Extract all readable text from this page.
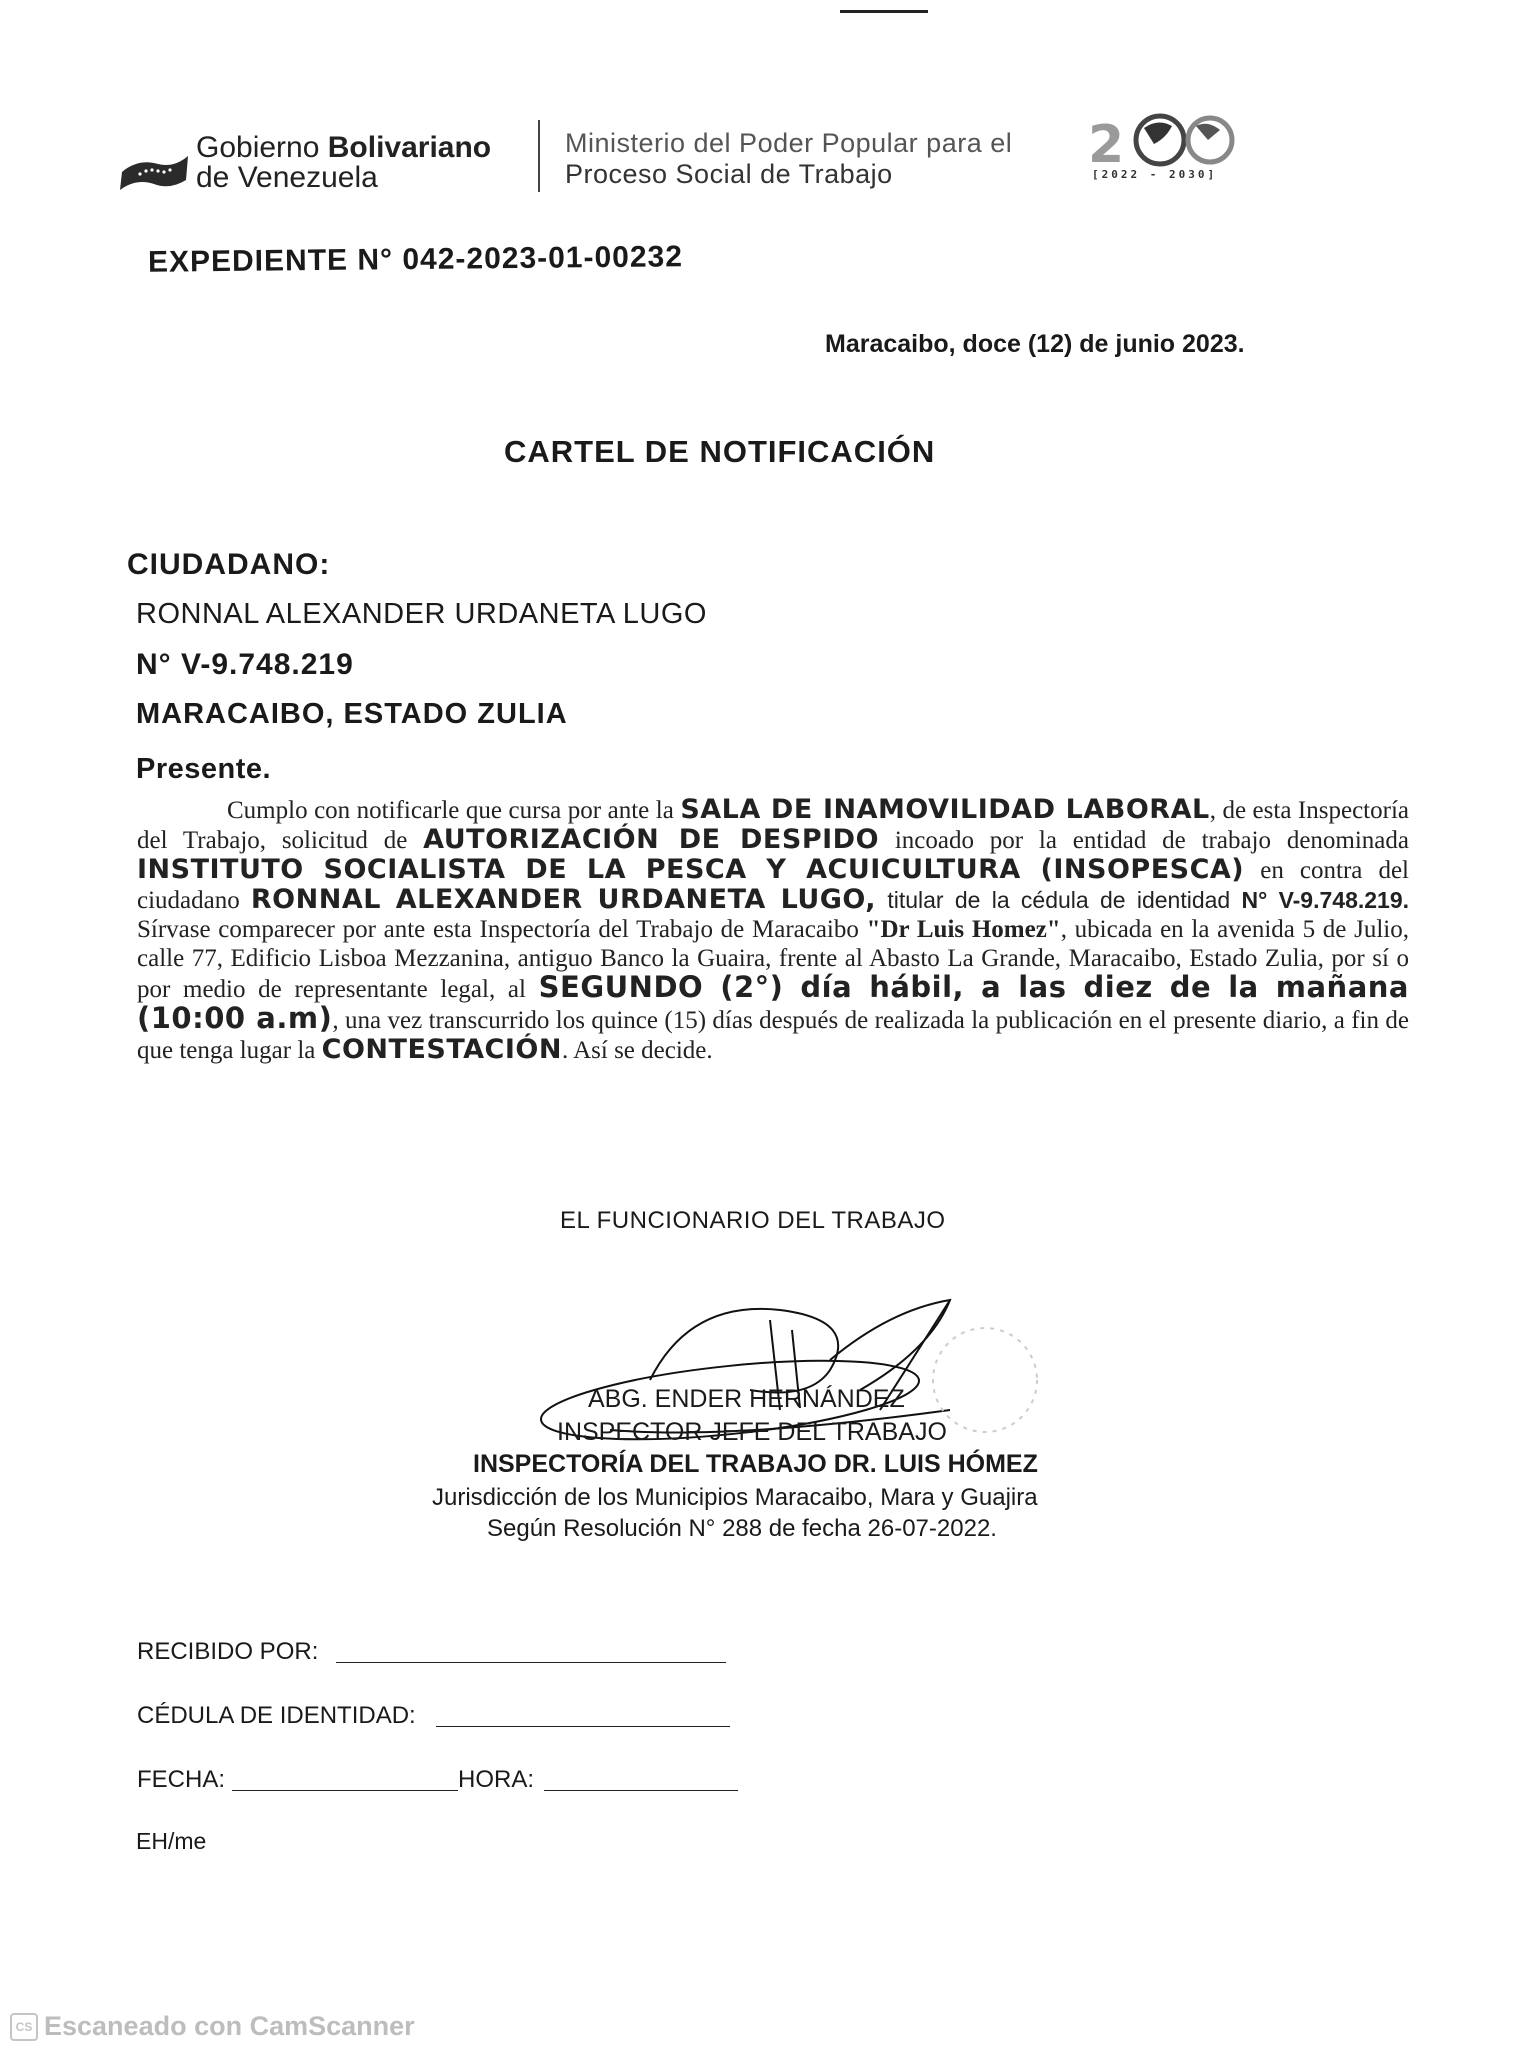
Gobierno Bolivariano
de Venezuela
Ministerio del Poder Popular para el
Proceso Social de Trabajo	2
[2022 - 2030]
EXPEDIENTE N° 042-2023-01-00232
Maracaibo, doce (12) de junio 2023.
CARTEL DE NOTIFICACIÓN
CIUDADANO:
RONNAL ALEXANDER URDANETA LUGO
N° V-9.748.219
MARACAIBO, ESTADO ZULIA
Presente.
Cumplo con notificarle que cursa por ante la SALA DE INAMOVILIDAD LABORAL, de esta Inspectoría del Trabajo, solicitud de AUTORIZACIÓN DE DESPIDO incoado por la entidad de trabajo denominada INSTITUTO SOCIALISTA DE LA PESCA Y ACUICULTURA (INSOPESCA) en contra del ciudadano RONNAL ALEXANDER URDANETA LUGO, titular de la cédula de identidad N° V-9.748.219. Sírvase comparecer por ante esta Inspectoría del Trabajo de Maracaibo "Dr Luis Homez", ubicada en la avenida 5 de Julio, calle 77, Edificio Lisboa Mezzanina, antiguo Banco la Guaira, frente al Abasto La Grande, Maracaibo, Estado Zulia, por sí o por medio de representante legal, al SEGUNDO (2°) día hábil, a las diez de la mañana (10:00 a.m), una vez transcurrido los quince (15) días después de realizada la publicación en el presente diario, a fin de que tenga lugar la CONTESTACIÓN. Así se decide.
EL FUNCIONARIO DEL TRABAJO
ABG. ENDER HERNÁNDEZ
INSPECTOR JEFE DEL TRABAJO
INSPECTORÍA DEL TRABAJO DR. LUIS HÓMEZ
Jurisdicción de los Municipios Maracaibo, Mara y Guajira
Según Resolución N° 288 de fecha 26-07-2022.
RECIBIDO POR:
CÉDULA DE IDENTIDAD:
FECHA:	HORA:
EH/me
CS Escaneado con CamScanner
